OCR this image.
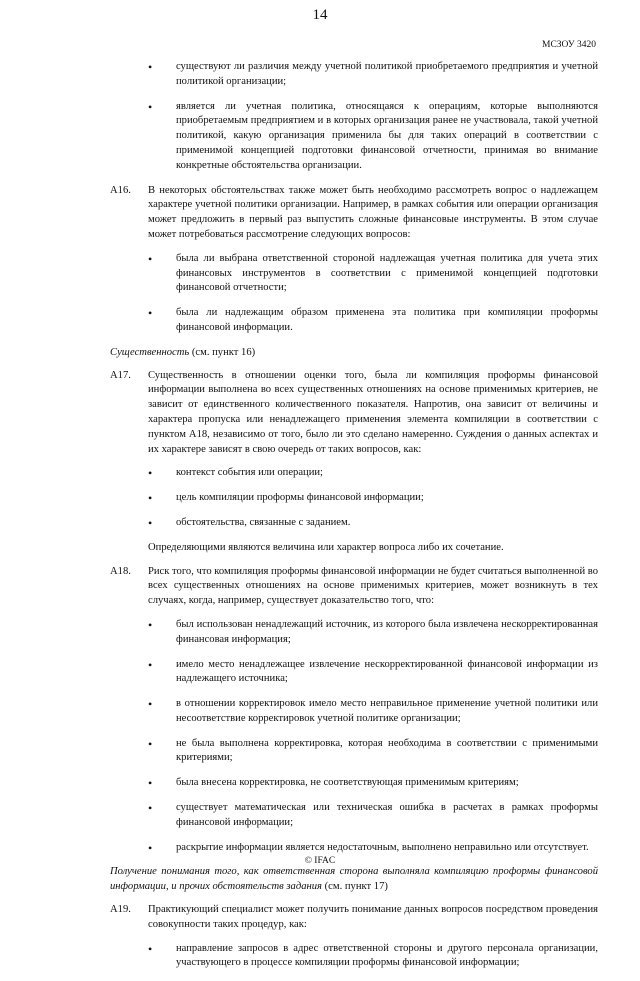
14
МСЗОУ 3420
• существуют ли различия между учетной политикой приобретаемого предприятия и учетной политикой организации;
• является ли учетная политика, относящаяся к операциям, которые выполняются приобретаемым предприятием и в которых организация ранее не участвовала, такой учетной политикой, какую организация применила бы для таких операций в соответствии с применимой концепцией подготовки финансовой отчетности, принимая во внимание конкретные обстоятельства организации.
A16. В некоторых обстоятельствах также может быть необходимо рассмотреть вопрос о надлежащем характере учетной политики организации. Например, в рамках события или операции организация может предложить в первый раз выпустить сложные финансовые инструменты. В этом случае может потребоваться рассмотрение следующих вопросов:

• была ли выбрана ответственной стороной надлежащая учетная политика для учета этих финансовых инструментов в соответствии с применимой концепцией подготовки финансовой отчетности;
• была ли надлежащим образом применена эта политика при компиляции проформы финансовой информации.

Существенность (см. пункт 16)

A17. Существенность в отношении оценки того, была ли компиляция проформы финансовой информации выполнена во всех существенных отношениях на основе применимых критериев, не зависит от единственного количественного показателя. Напротив, она зависит от величины и характера пропуска или ненадлежащего применения элемента компиляции в соответствии с пунктом A18, независимо от того, было ли это сделано намеренно. Суждения о данных аспектах и их характере зависят в свою очередь от таких вопросов, как:

• контекст события или операции;
• цель компиляции проформы финансовой информации;
• обстоятельства, связанные с заданием.

Определяющими являются величина или характер вопроса либо их сочетание.

A18. Риск того, что компиляция проформы финансовой информации не будет считаться выполненной во всех существенных отношениях на основе применимых критериев, может возникнуть в тех случаях, когда, например, существует доказательство того, что:

• был использован ненадлежащий источник, из которого была извлечена нескорректированная финансовая информация;
• имело место ненадлежащее извлечение нескорректированной финансовой информации из надлежащего источника;
• в отношении корректировок имело место неправильное применение учетной политики или несоответствие корректировок учетной политике организации;
• не была выполнена корректировка, которая необходима в соответствии с применимыми критериями;
• была внесена корректировка, не соответствующая применимым критериям;
• существует математическая или техническая ошибка в расчетах в рамках проформы финансовой информации;
• раскрытие информации является недостаточным, выполнено неправильно или отсутствует.

Получение понимания того, как ответственная сторона выполняла компиляцию проформы финансовой информации, и прочих обстоятельств задания (см. пункт 17)

A19. Практикующий специалист может получить понимание данных вопросов посредством проведения совокупности таких процедур, как:

• направление запросов в адрес ответственной стороны и другого персонала организации, участвующего в процессе компиляции проформы финансовой информации;
© IFAC
